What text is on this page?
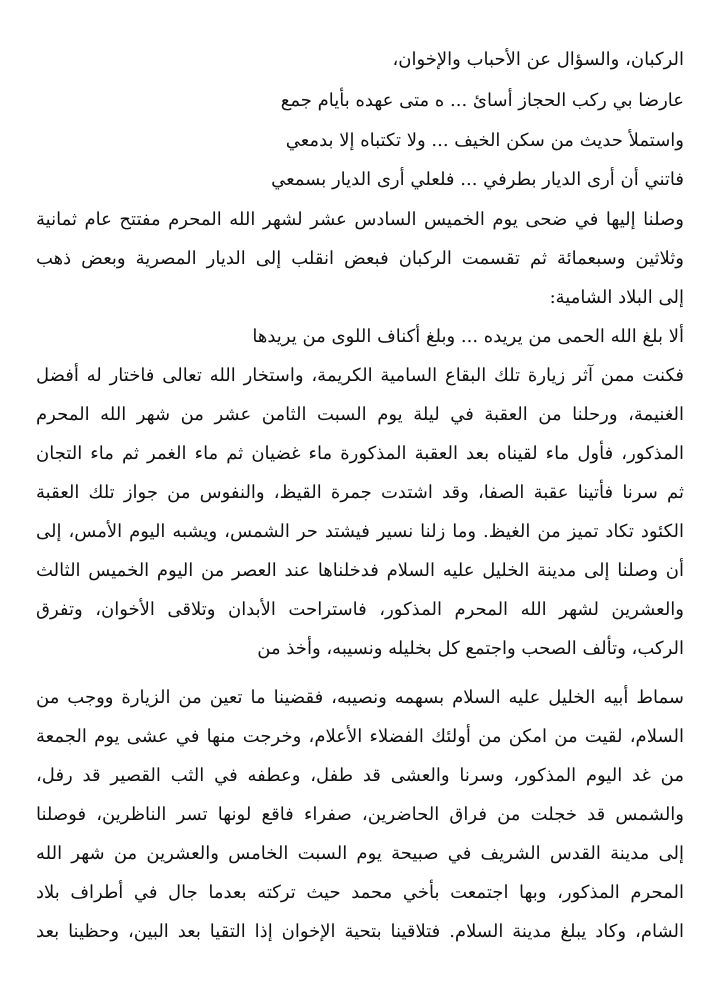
الركبان، والسؤال عن الأحباب والإخوان،
عارضا بي ركب الحجاز أسائ ... ه متى عهده بأيام جمع
واستملأ حديث من سكن الخيف ... ولا تكتباه إلا بدمعي
فاتني أن أرى الديار بطرفي ... فلعلي أرى الديار بسمعي
وصلنا إليها في ضحى يوم الخميس السادس عشر لشهر الله المحرم مفتتح عام ثمانية
وثلاثين وسبعمائة ثم تقسمت الركبان فبعض انقلب إلى الديار المصرية وبعض ذهب
إلى البلاد الشامية:
ألا بلغ الله الحمى من يريده ... وبلغ أكناف اللوى من يريدها
فكنت ممن آثر زيارة تلك البقاع السامية الكريمة، واستخار الله تعالى فاختار له أفضل
الغنيمة، ورحلنا من العقبة في ليلة يوم السبت الثامن عشر من شهر الله المحرم
المذكور، فأول ماء لقيناه بعد العقبة المذكورة ماء غضيان ثم ماء الغمر ثم ماء التجان
ثم سرنا فأتينا عقبة الصفا، وقد اشتدت جمرة القيظ، والنفوس من جواز تلك العقبة
الكئود تكاد تميز من الغيظ. وما زلنا نسير فيشتد حر الشمس، ويشبه اليوم الأمس، إلى
أن وصلنا إلى مدينة الخليل عليه السلام فدخلناها عند العصر من اليوم الخميس الثالث
والعشرين لشهر الله المحرم المذكور، فاستراحت الأبدان وتلاقى الأخوان، وتفرق
الركب، وتألف الصحب واجتمع كل بخليله ونسيبه، وأخذ من
سماط أبيه الخليل عليه السلام بسهمه ونصيبه، فقضينا ما تعين من الزيارة ووجب من
السلام، لقيت من امكن من أولئك الفضلاء الأعلام، وخرجت منها في عشى يوم الجمعة
من غد اليوم المذكور، وسرنا والعشى قد طفل، وعطفه في الثب القصير قد رفل،
والشمس قد خجلت من فراق الحاضرين، صفراء فاقع لونها تسر الناظرين، فوصلنا
إلى مدينة القدس الشريف في صبيحة يوم السبت الخامس والعشرين من شهر الله
المحرم المذكور، وبها اجتمعت بأخي محمد حيث تركته بعدما جال في أطراف بلاد
الشام، وكاد يبلغ مدينة السلام. فتلاقينا بتحية الإخوان إذا التقيا بعد البين، وحظينا بعد
